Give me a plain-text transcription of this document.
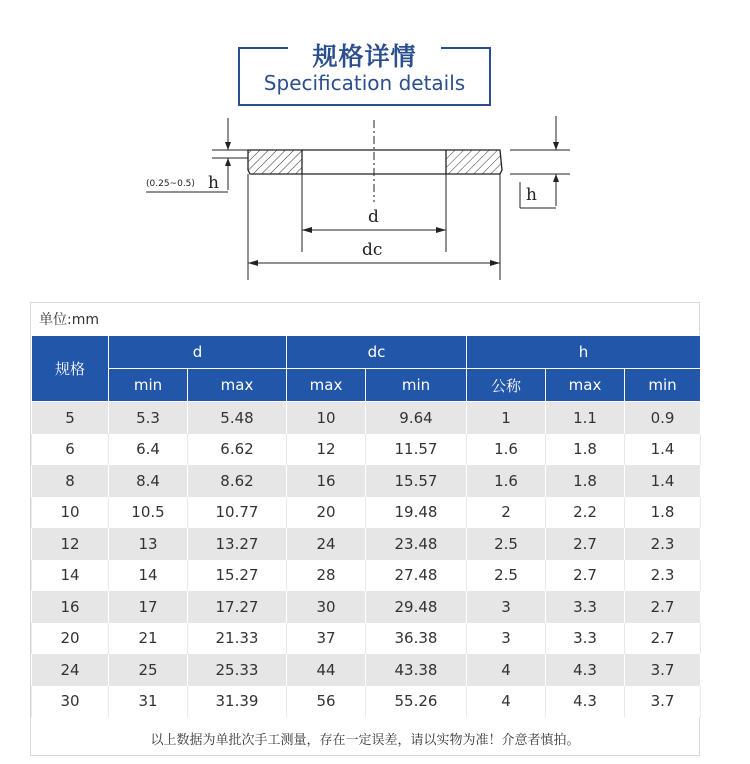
规格详情
Specification details
(0.25~0.5) h
h
d
dc
单位:mm
规格	d		dc		h		
	min	max	max	min	公称	max	min
5	5.3	5.48	10	9.64	1	1.1	0.9
6	6.4	6.62	12	11.57	1.6	1.8	1.4
8	8.4	8.62	16	15.57	1.6	1.8	1.4
10	10.5	10.77	20	19.48	2	2.2	1.8
12	13	13.27	24	23.48	2.5	2.7	2.3
14	14	15.27	28	27.48	2.5	2.7	2.3
16	17	17.27	30	29.48	3	3.3	2.7
20	21	21.33	37	36.38	3	3.3	2.7
24	25	25.33	44	43.38	4	4.3	3.7
30	31	31.39	56	55.26	4	4.3	3.7
以上数据为单批次手工测量，存在一定误差，请以实物为准！介意者慎拍。
